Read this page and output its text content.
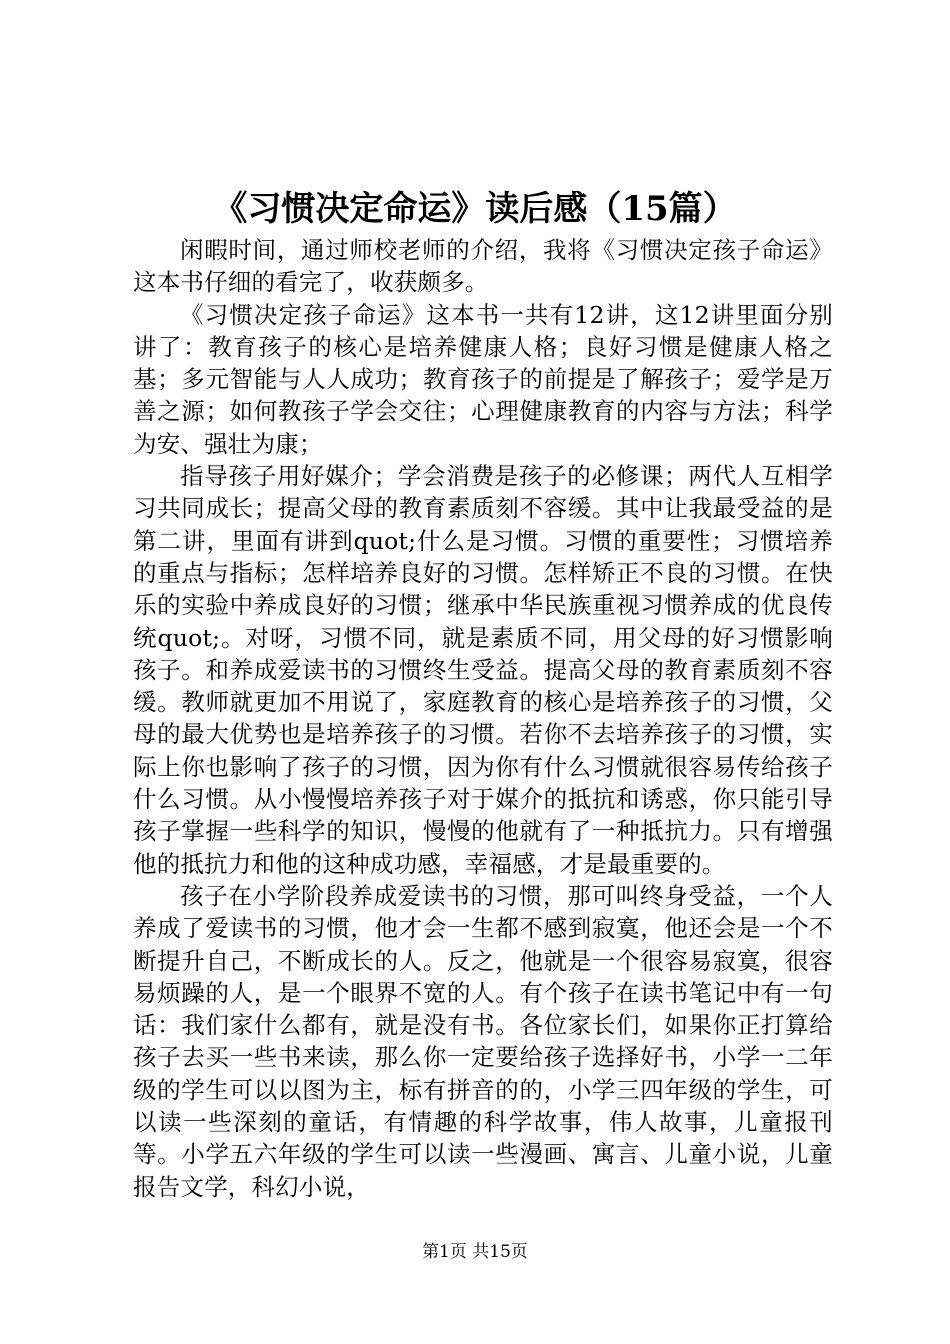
《习惯决定命运》读后感（15篇）

闲暇时间，通过师校老师的介绍，我将《习惯决定孩子命运》这本书仔细的看完了，收获颇多。

《习惯决定孩子命运》这本书一共有12讲，这12讲里面分别讲了：教育孩子的核心是培养健康人格；良好习惯是健康人格之基；多元智能与人人成功；教育孩子的前提是了解孩子；爱学是万善之源；如何教孩子学会交往；心理健康教育的内容与方法；科学为安、强壮为康；

指导孩子用好媒介；学会消费是孩子的必修课；两代人互相学习共同成长；提高父母的教育素质刻不容缓。其中让我最受益的是第二讲，里面有讲到quot;什么是习惯。习惯的重要性；习惯培养的重点与指标；怎样培养良好的习惯。怎样矫正不良的习惯。在快乐的实验中养成良好的习惯；继承中华民族重视习惯养成的优良传统quot;。对呀，习惯不同，就是素质不同，用父母的好习惯影响孩子。和养成爱读书的习惯终生受益。提高父母的教育素质刻不容缓。教师就更加不用说了，家庭教育的核心是培养孩子的习惯，父母的最大优势也是培养孩子的习惯。若你不去培养孩子的习惯，实际上你也影响了孩子的习惯，因为你有什么习惯就很容易传给孩子什么习惯。从小慢慢培养孩子对于媒介的抵抗和诱惑，你只能引导孩子掌握一些科学的知识，慢慢的他就有了一种抵抗力。只有增强他的抵抗力和他的这种成功感，幸福感，才是最重要的。

孩子在小学阶段养成爱读书的习惯，那可叫终身受益，一个人养成了爱读书的习惯，他才会一生都不感到寂寞，他还会是一个不断提升自己，不断成长的人。反之，他就是一个很容易寂寞，很容易烦躁的人，是一个眼界不宽的人。有个孩子在读书笔记中有一句话：我们家什么都有，就是没有书。各位家长们，如果你正打算给孩子去买一些书来读，那么你一定要给孩子选择好书，小学一二年级的学生可以以图为主，标有拼音的的，小学三四年级的学生，可以读一些深刻的童话，有情趣的科学故事，伟人故事，儿童报刊等。小学五六年级的学生可以读一些漫画、寓言、儿童小说，儿童报告文学，科幻小说，

第1页 共15页
